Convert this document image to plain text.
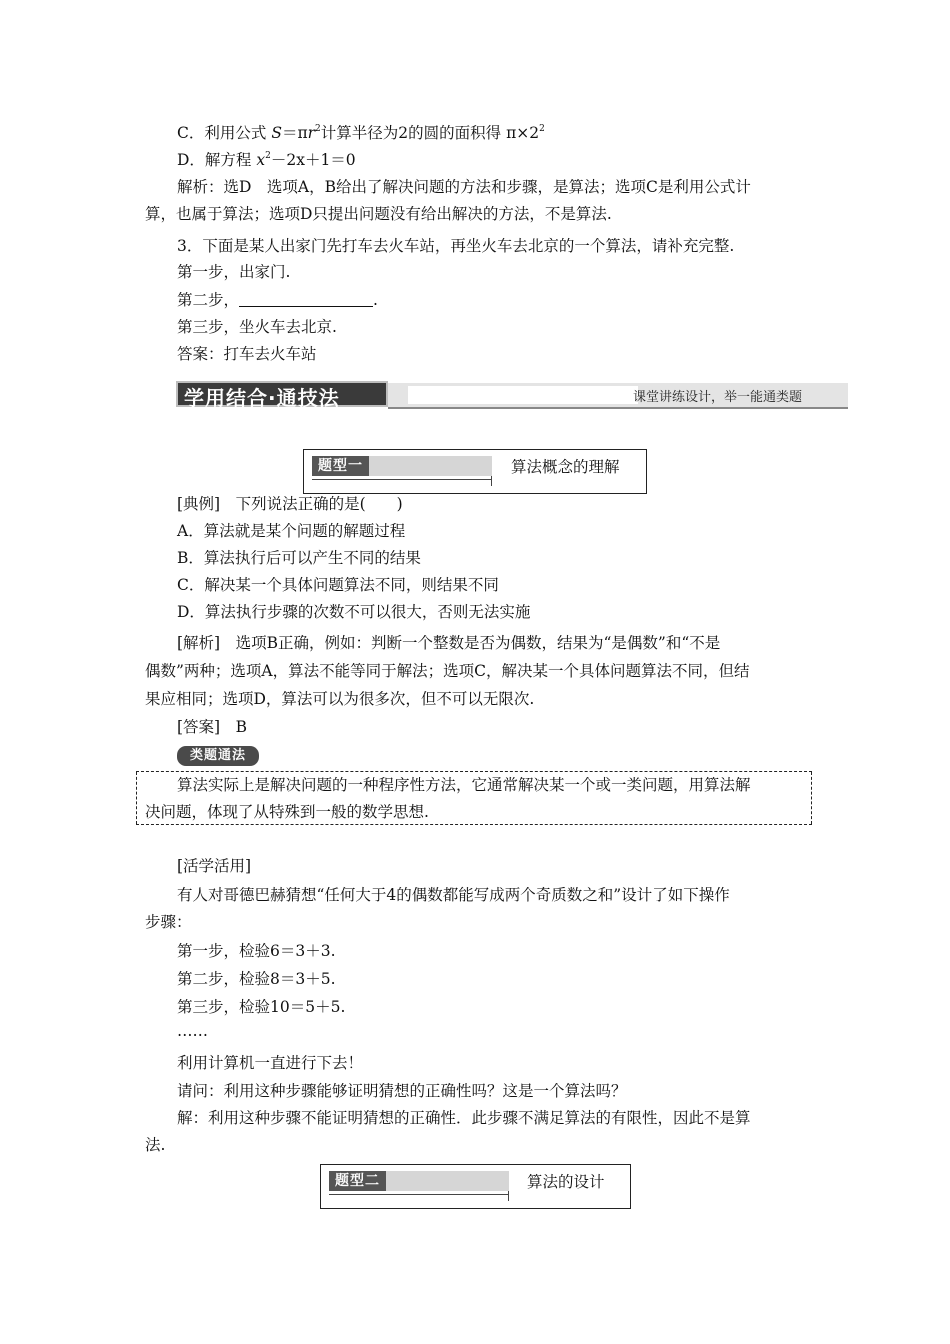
C．利用公式 $S=\pi r^2$计算半径为2的圆的面积得 $\pi\times 2^2$
D．解方程 $x^2-2x+1=0$
解析：选D　选项A，B给出了解决问题的方法和步骤，是算法；选项C是利用公式计
算，也属于算法；选项D只提出问题没有给出解决的方法，不是算法.
3．下面是某人出家门先打车去火车站，再坐火车去北京的一个算法，请补充完整.
第一步，出家门.
第二步，	.
第三步，坐火车去北京.
答案：打车去火车站
学用结合·通技法	课堂讲练设计，举一能通类题
题型一	算法概念的理解
[典例]　下列说法正确的是(　　)
A．算法就是某个问题的解题过程
B．算法执行后可以产生不同的结果
C．解决某一个具体问题算法不同，则结果不同
D．算法执行步骤的次数不可以很大，否则无法实施
[解析]　选项B正确，例如：判断一个整数是否为偶数，结果为“是偶数”和“不是
偶数”两种；选项A，算法不能等同于解法；选项C，解决某一个具体问题算法不同，但结
果应相同；选项D，算法可以为很多次，但不可以无限次.
[答案]　B
类题通法
算法实际上是解决问题的一种程序性方法，它通常解决某一个或一类问题，用算法解
决问题，体现了从特殊到一般的数学思想.
[活学活用]
有人对哥德巴赫猜想“任何大于4的偶数都能写成两个奇质数之和”设计了如下操作
步骤：
第一步，检验6＝3＋3.
第二步，检验8＝3＋5.
第三步，检验10＝5＋5.
……
利用计算机一直进行下去！
请问：利用这种步骤能够证明猜想的正确性吗？这是一个算法吗？
解：利用这种步骤不能证明猜想的正确性．此步骤不满足算法的有限性，因此不是算
法.
题型二	算法的设计
